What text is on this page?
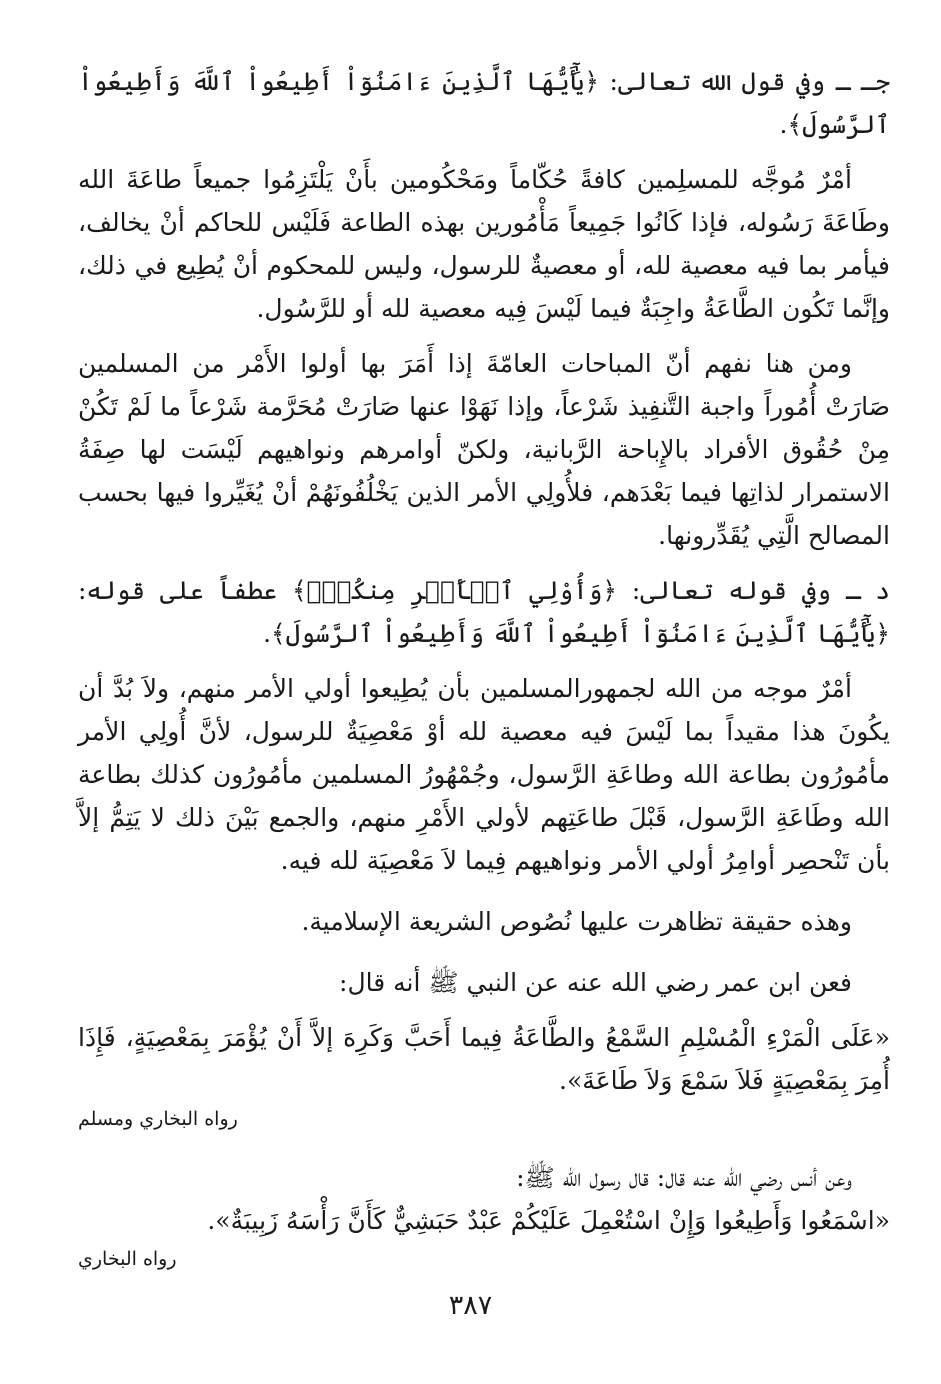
جـ ـ وفي قول الله تعالى: ﴿يَٰٓأَيُّهَا ٱلَّذِينَ ءَامَنُوٓاْ أَطِيعُواْ ٱللَّهَ وَأَطِيعُواْ ٱلرَّسُولَ﴾.

أمْرٌ مُوجَّه للمسلِمين كافةً حُكّاماً ومَحْكُومين بأَنْ يَلْتَزِمُوا جميعاً طاعَةَ الله وطَاعَةَ رَسُوله، فإذا كَانُوا جَمِيعاً مَأْمُورين بهذه الطاعة فَلَيْس للحاكم أنْ يخالف، فيأمر بما فيه معصية لله، أو معصيةٌ للرسول، وليس للمحكوم أنْ يُطِيع في ذلك، وإنَّما تَكُون الطَّاعَةُ واجِبَةٌ فيما لَيْسَ فِيه معصية لله أو للرَّسُول.

ومن هنا نفهم أنّ المباحات العامّةَ إذا أَمَرَ بها أولوا الأَمْر من المسلمين صَارَتْ أُمُوراً واجبة التَّنفِيذ شَرْعاً، وإذا نَهَوْا عنها صَارَتْ مُحَرَّمة شَرْعاً ما لَمْ تَكُنْ مِنْ حُقُوق الأفراد بالإِباحة الرَّبانية، ولكنّ أوامرهم ونواهيهم لَيْسَت لها صِفَةُ الاستمرار لذاتِها فيما بَعْدَهم، فلأُولِي الأمر الذين يَخْلُفُونَهُمْ أنْ يُغَيِّروا فيها بحسب المصالح الَّتِي يُقَدِّرونها.

د ـ وفي قوله تعالى: ﴿وَأُوْلِي ٱلۡأَمۡرِ مِنكُمۡۖ﴾ عطفاً على قوله: ﴿يَٰٓأَيُّهَا ٱلَّذِينَ ءَامَنُوٓاْ أَطِيعُواْ ٱللَّهَ وَأَطِيعُواْ ٱلرَّسُولَ﴾.

أمْرٌ موجه من الله لجمهورالمسلمين بأن يُطِيعوا أولي الأمر منهم، ولاَ بُدَّ أن يكُونَ هذا مقيداً بما لَيْسَ فيه معصية لله أوْ مَعْصِيَةٌ للرسول، لأنَّ أُولِي الأمر مأمُورُون بطاعة الله وطاعَةِ الرَّسول، وجُمْهُورُ المسلمين مأمُورُون كذلك بطاعة الله وطَاعَةِ الرَّسول، قَبْلَ طاعَتِهم لأولي الأَمْرِ منهم، والجمع بَيْنَ ذلك لا يَتِمُّ إلاَّ بأن تَنْحصِر أوامِرُ أولي الأمر ونواهيهم فِيما لاَ مَعْصِيَة لله فيه.

وهذه حقيقة تظاهرت عليها نُصُوص الشريعة الإسلامية.

فعن ابن عمر رضي الله عنه عن النبي ﷺ أنه قال:

«عَلَى الْمَرْءِ الْمُسْلِمِ السَّمْعُ والطَّاعَةُ فِيما أَحَبَّ وَكَرِهَ إلاَّ أَنْ يُؤْمَرَ بِمَعْصِيَةٍ، فَإِذَا أُمِرَ بِمَعْصِيَةٍ فَلاَ سَمْعَ وَلاَ طَاعَةَ».

رواه البخاري ومسلم

وعن أنس رضي الله عنه قال: قال رسول الله ﷺ:

«اسْمَعُوا وَأَطِيعُوا وَإِنْ اسْتُعْمِلَ عَلَيْكُمْ عَبْدٌ حَبَشِيٌّ كَأَنَّ رَأْسَهُ زَبِيبَةٌ».

رواه البخاري

٣٨٧
